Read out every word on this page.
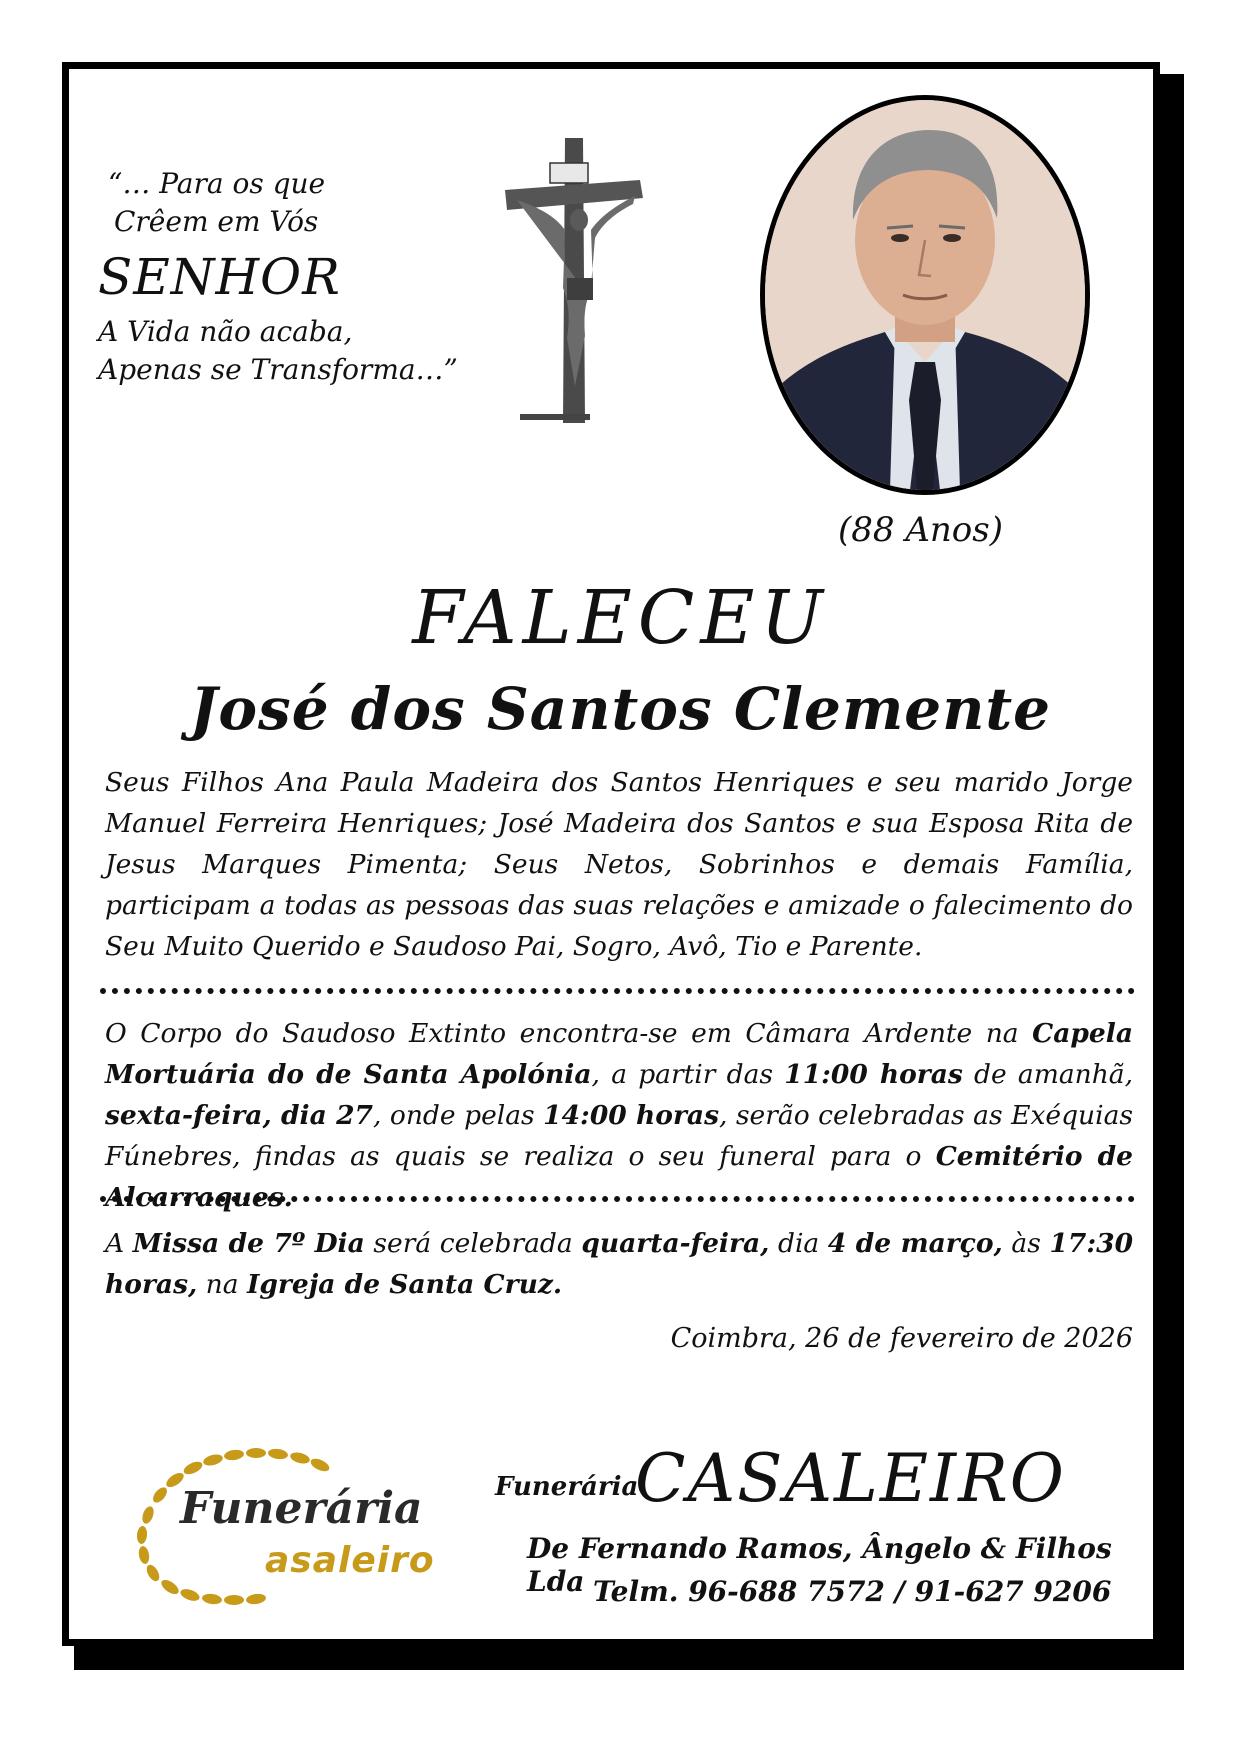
“… Para os que
Crêem em Vós
SENHOR
A Vida não acaba,
Apenas se Transforma…”
(88 Anos)
FALECEU
José dos Santos Clemente
Seus Filhos Ana Paula Madeira dos Santos Henriques e seu marido Jorge Manuel Ferreira Henriques; José Madeira dos Santos e sua Esposa Rita de Jesus Marques Pimenta; Seus Netos, Sobrinhos e demais Família, participam a todas as pessoas das suas relações e amizade o falecimento do Seu Muito Querido e Saudoso Pai, Sogro, Avô, Tio e Parente.
O Corpo do Saudoso Extinto encontra-se em Câmara Ardente na Capela Mortuária do de Santa Apolónia, a partir das 11:00 horas de amanhã, sexta-feira, dia 27, onde pelas 14:00 horas, serão celebradas as Exéquias Fúnebres, findas as quais se realiza o seu funeral para o Cemitério de Alcarraques.
A Missa de 7º Dia será celebrada quarta-feira, dia 4 de março, às 17:30 horas, na Igreja de Santa Cruz.
Coimbra, 26 de fevereiro de 2026
Funerária
asaleiro
Funerária
CASALEIRO
De Fernando Ramos, Ângelo & Filhos Lda Telm. 96-688 7572 / 91-627 9206
